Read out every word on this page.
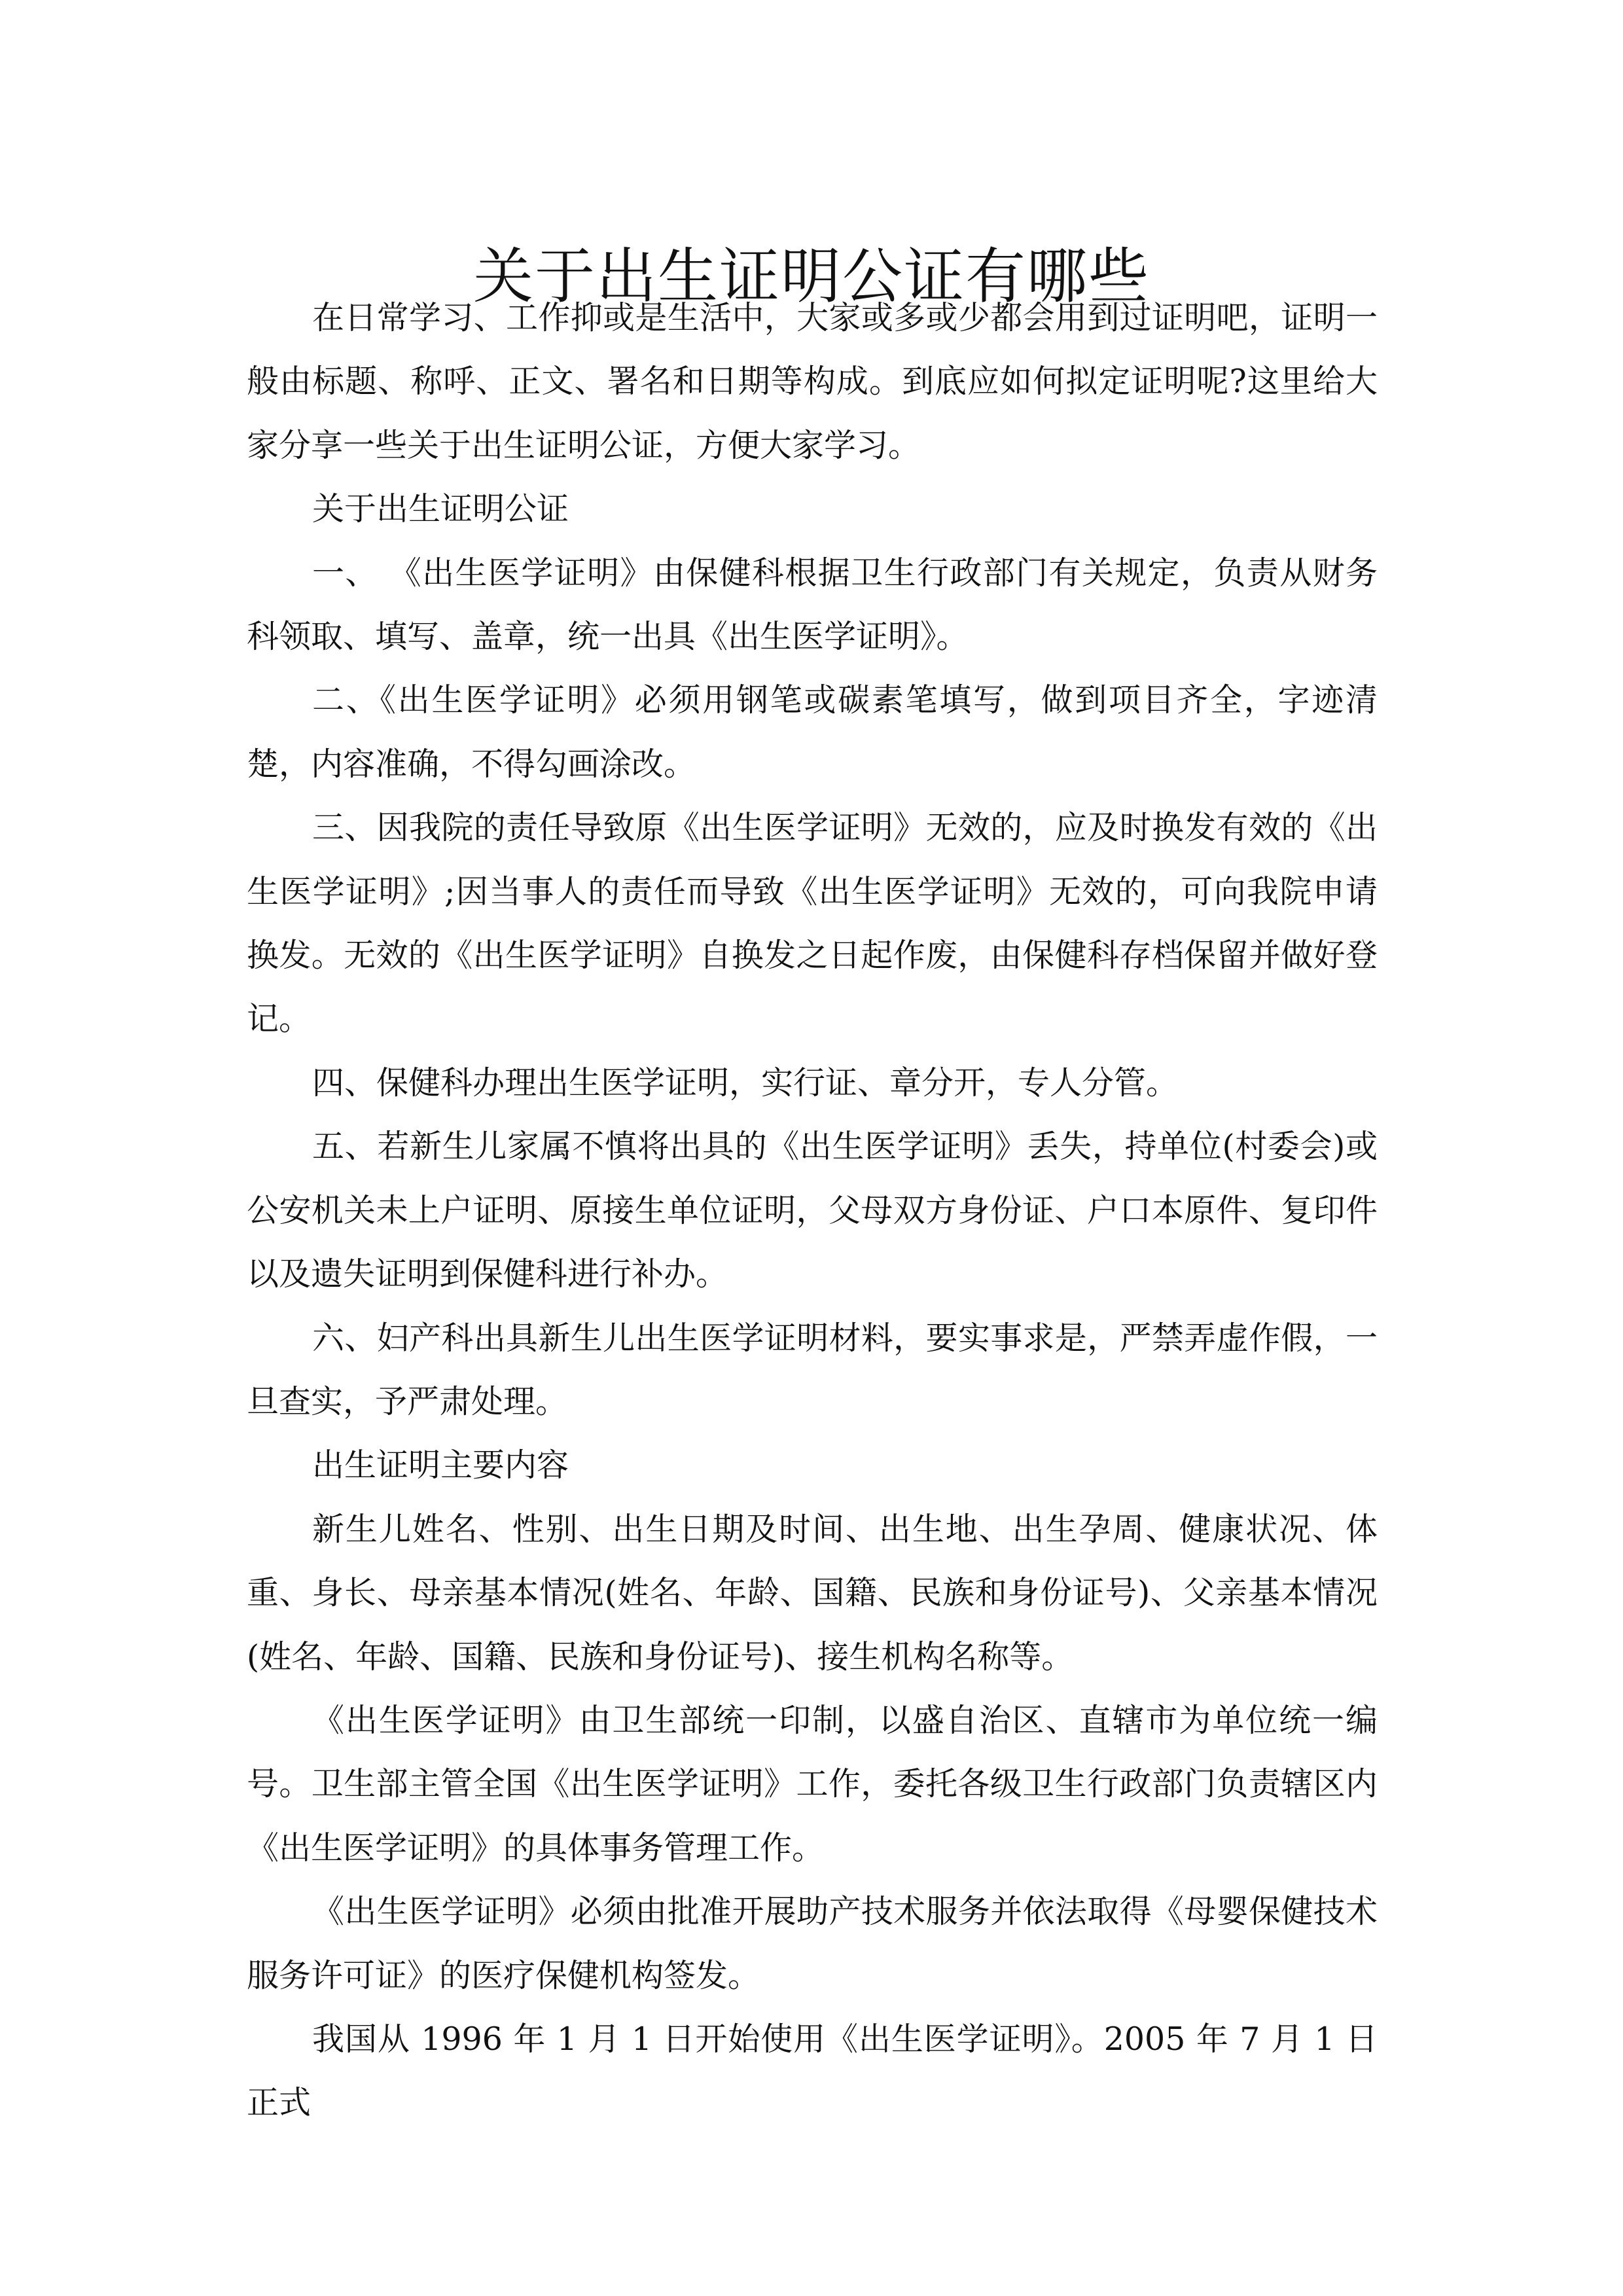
关于出生证明公证有哪些

在日常学习、工作抑或是生活中，大家或多或少都会用到过证明吧，证明一般由标题、称呼、正文、署名和日期等构成。到底应如何拟定证明呢?这里给大家分享一些关于出生证明公证，方便大家学习。

关于出生证明公证

一、 《出生医学证明》由保健科根据卫生行政部门有关规定，负责从财务科领取、填写、盖章，统一出具《出生医学证明》。

二、《出生医学证明》必须用钢笔或碳素笔填写，做到项目齐全，字迹清楚，内容准确，不得勾画涂改。

三、因我院的责任导致原《出生医学证明》无效的，应及时换发有效的《出生医学证明》;因当事人的责任而导致《出生医学证明》无效的，可向我院申请换发。无效的《出生医学证明》自换发之日起作废，由保健科存档保留并做好登记。

四、保健科办理出生医学证明，实行证、章分开，专人分管。

五、若新生儿家属不慎将出具的《出生医学证明》丢失，持单位(村委会)或公安机关未上户证明、原接生单位证明，父母双方身份证、户口本原件、复印件以及遗失证明到保健科进行补办。

六、妇产科出具新生儿出生医学证明材料，要实事求是，严禁弄虚作假，一旦查实，予严肃处理。

出生证明主要内容

新生儿姓名、性别、出生日期及时间、出生地、出生孕周、健康状况、体重、身长、母亲基本情况(姓名、年龄、国籍、民族和身份证号)、父亲基本情况(姓名、年龄、国籍、民族和身份证号)、接生机构名称等。

《出生医学证明》由卫生部统一印制，以盛自治区、直辖市为单位统一编号。卫生部主管全国《出生医学证明》工作，委托各级卫生行政部门负责辖区内《出生医学证明》的具体事务管理工作。

《出生医学证明》必须由批准开展助产技术服务并依法取得《母婴保健技术服务许可证》的医疗保健机构签发。

我国从 1996 年 1 月 1 日开始使用《出生医学证明》。2005 年 7 月 1 日正式
